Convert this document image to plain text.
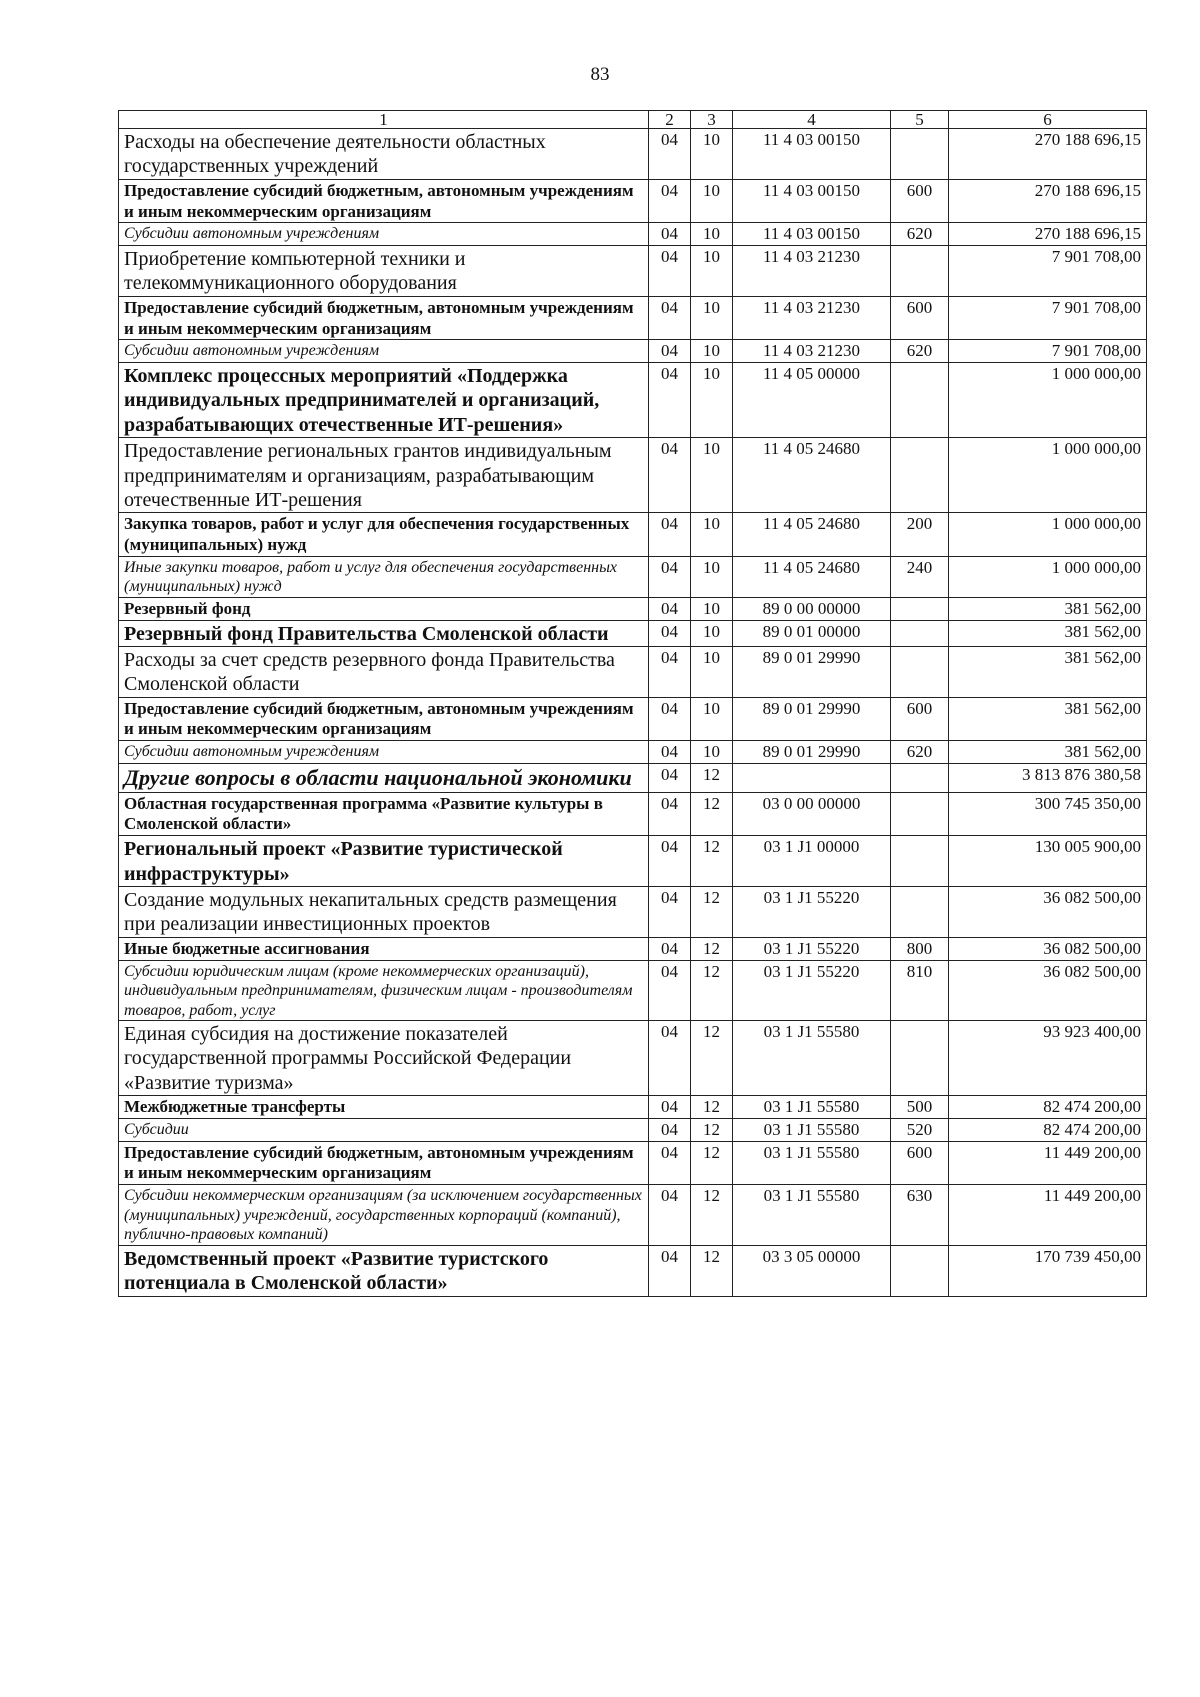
83
1	2	3	4	5	6
Расходы на обеспечение деятельности областных государственных учреждений	04	10	11 4 03 00150		270 188 696,15
Предоставление субсидий бюджетным, автономным учреждениям и иным некоммерческим организациям	04	10	11 4 03 00150	600	270 188 696,15
Субсидии автономным учреждениям	04	10	11 4 03 00150	620	270 188 696,15
Приобретение компьютерной техники и телекоммуникационного оборудования	04	10	11 4 03 21230		7 901 708,00
Предоставление субсидий бюджетным, автономным учреждениям и иным некоммерческим организациям	04	10	11 4 03 21230	600	7 901 708,00
Субсидии автономным учреждениям	04	10	11 4 03 21230	620	7 901 708,00
Комплекс процессных мероприятий «Поддержка индивидуальных предпринимателей и организаций, разрабатывающих отечественные ИТ-решения»	04	10	11 4 05 00000		1 000 000,00
Предоставление региональных грантов индивидуальным предпринимателям и организациям, разрабатывающим отечественные ИТ-решения	04	10	11 4 05 24680		1 000 000,00
Закупка товаров, работ и услуг для обеспечения государственных (муниципальных) нужд	04	10	11 4 05 24680	200	1 000 000,00
Иные закупки товаров, работ и услуг для обеспечения государственных (муниципальных) нужд	04	10	11 4 05 24680	240	1 000 000,00
Резервный фонд	04	10	89 0 00 00000		381 562,00
Резервный фонд Правительства Смоленской области	04	10	89 0 01 00000		381 562,00
Расходы за счет средств резервного фонда Правительства Смоленской области	04	10	89 0 01 29990		381 562,00
Предоставление субсидий бюджетным, автономным учреждениям и иным некоммерческим организациям	04	10	89 0 01 29990	600	381 562,00
Субсидии автономным учреждениям	04	10	89 0 01 29990	620	381 562,00
Другие вопросы в области национальной экономики	04	12			3 813 876 380,58
Областная государственная программа «Развитие культуры в Смоленской области»	04	12	03 0 00 00000		300 745 350,00
Региональный проект «Развитие туристической инфраструктуры»	04	12	03 1 J1 00000		130 005 900,00
Создание модульных некапитальных средств размещения при реализации инвестиционных проектов	04	12	03 1 J1 55220		36 082 500,00
Иные бюджетные ассигнования	04	12	03 1 J1 55220	800	36 082 500,00
Субсидии юридическим лицам (кроме некоммерческих организаций), индивидуальным предпринимателям, физическим лицам - производителям товаров, работ, услуг	04	12	03 1 J1 55220	810	36 082 500,00
Единая субсидия на достижение показателей государственной программы Российской Федерации «Развитие туризма»	04	12	03 1 J1 55580		93 923 400,00
Межбюджетные трансферты	04	12	03 1 J1 55580	500	82 474 200,00
Субсидии	04	12	03 1 J1 55580	520	82 474 200,00
Предоставление субсидий бюджетным, автономным учреждениям и иным некоммерческим организациям	04	12	03 1 J1 55580	600	11 449 200,00
Субсидии некоммерческим организациям (за исключением государственных (муниципальных) учреждений, государственных корпораций (компаний), публично-правовых компаний)	04	12	03 1 J1 55580	630	11 449 200,00
Ведомственный проект «Развитие туристского потенциала в Смоленской области»	04	12	03 3 05 00000		170 739 450,00
